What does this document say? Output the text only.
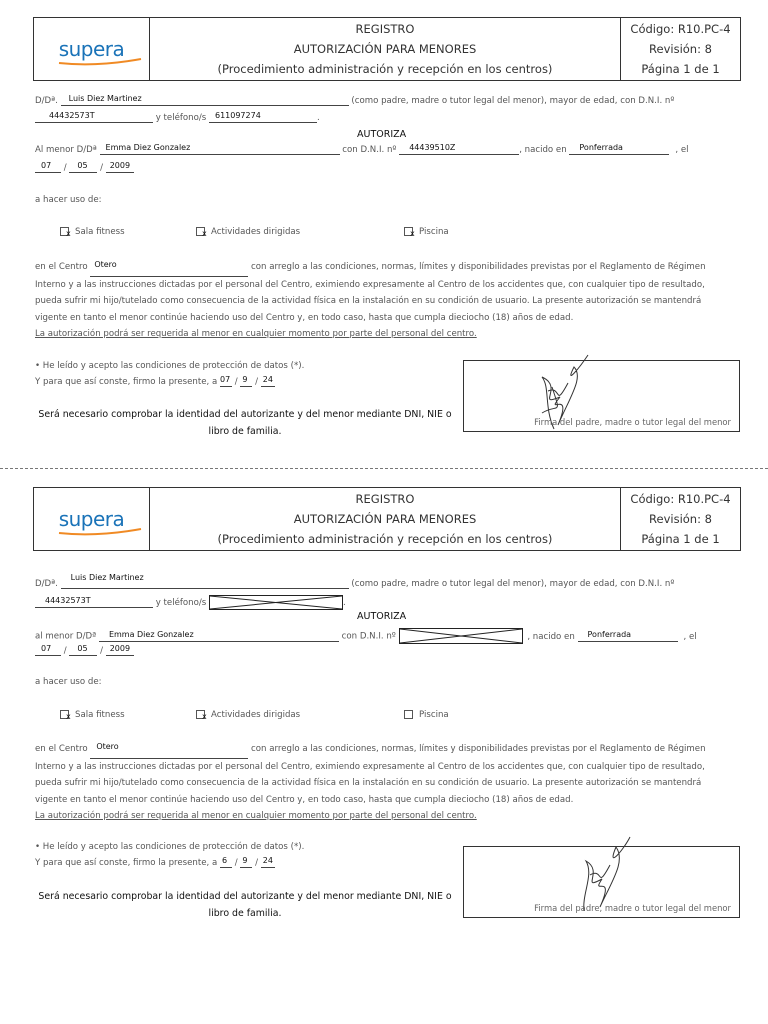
supera
REGISTRO
AUTORIZACIÓN PARA MENORES
(Procedimiento administración y recepción en los centros)
Código: R10.PC-4
Revisión: 8
Página 1 de 1
D/Dª. Luis Diez Martinez	(como padre, madre o tutor legal del menor), mayor de edad, con D.N.I. nº
44432573T	y teléfono/s 611097274	.
AUTORIZA
Al menor D/Dª Emma Diez Gonzalez	con D.N.I. nº 44439510Z	, nacido en Ponferrada	, el
07 / 05 / 2009
a hacer uso de:
xSala fitness x	Actividades dirigidas x	Piscina
en el Centro Otero	con arreglo a las condiciones, normas, límites y disponibilidades previstas por el Reglamento de Régimen
Interno y a las instrucciones dictadas por el personal del Centro, eximiendo expresamente al Centro de los accidentes que, con cualquier tipo de resultado,
pueda sufrir mi hijo/tutelado como consecuencia de la actividad física en la instalación en su condición de usuario. La presente autorización se mantendrá
vigente en tanto el menor continúe haciendo uso del Centro y, en todo caso, hasta que cumpla dieciocho (18) años de edad.
La autorización podrá ser requerida al menor en cualquier momento por parte del personal del centro.
• He leído y acepto las condiciones de protección de datos (*).
Y para que así conste, firmo la presente, a 07 / 9 / 24
Será necesario comprobar la identidad del autorizante y del menor mediante DNI, NIE o libro de familia.
Firma del padre, madre o tutor legal del menor
supera
REGISTRO
AUTORIZACIÓN PARA MENORES
(Procedimiento administración y recepción en los centros)
Código: R10.PC-4
Revisión: 8
Página 1 de 1
D/Dª. Luis Diez Martinez (como padre, madre o tutor legal del menor), mayor de edad, con D.N.I. nº
44432573T	y teléfono/s	.
AUTORIZA
al menor D/Dª Emma Diez Gonzalez	con D.N.I. nº	, nacido en Ponferrada	, el
07 / 05 / 2009
a hacer uso de:
xSala fitness x	Actividades dirigidas	Piscina
en el Centro Otero	con arreglo a las condiciones, normas, límites y disponibilidades previstas por el Reglamento de Régimen
Interno y a las instrucciones dictadas por el personal del Centro, eximiendo expresamente al Centro de los accidentes que, con cualquier tipo de resultado,
pueda sufrir mi hijo/tutelado como consecuencia de la actividad física en la instalación en su condición de usuario. La presente autorización se mantendrá
vigente en tanto el menor continúe haciendo uso del Centro y, en todo caso, hasta que cumpla dieciocho (18) años de edad.
La autorización podrá ser requerida al menor en cualquier momento por parte del personal del centro.
• He leído y acepto las condiciones de protección de datos (*).
Y para que así conste, firmo la presente, a 6 / 9 / 24
Será necesario comprobar la identidad del autorizante y del menor mediante DNI, NIE o libro de familia.	Firma del padre, madre o tutor legal del menor
